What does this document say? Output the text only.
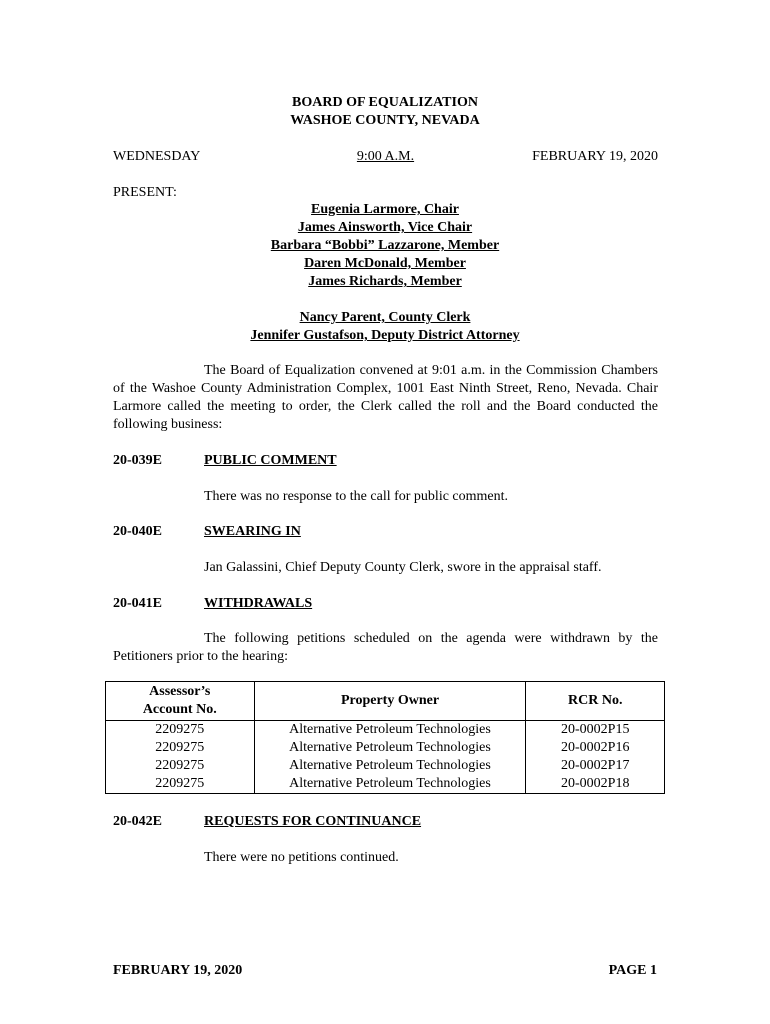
BOARD OF EQUALIZATION
WASHOE COUNTY, NEVADA
WEDNESDAY	9:00 A.M.	FEBRUARY 19, 2020
PRESENT:
Eugenia Larmore, Chair
James Ainsworth, Vice Chair
Barbara “Bobbi” Lazzarone, Member
Daren McDonald, Member
James Richards, Member
Nancy Parent, County Clerk
Jennifer Gustafson, Deputy District Attorney
The Board of Equalization convened at 9:01 a.m. in the Commission Chambers of the Washoe County Administration Complex, 1001 East Ninth Street, Reno, Nevada. Chair Larmore called the meeting to order, the Clerk called the roll and the Board conducted the following business:
20-039E	PUBLIC COMMENT
There was no response to the call for public comment.
20-040E	SWEARING IN
Jan Galassini, Chief Deputy County Clerk, swore in the appraisal staff.
20-041E	WITHDRAWALS
The following petitions scheduled on the agenda were withdrawn by the Petitioners prior to the hearing:
Assessor’s
Account No.	Property Owner	RCR No.
2209275	Alternative Petroleum Technologies	20-0002P15
2209275	Alternative Petroleum Technologies	20-0002P16
2209275	Alternative Petroleum Technologies	20-0002P17
2209275	Alternative Petroleum Technologies	20-0002P18
20-042E	REQUESTS FOR CONTINUANCE
There were no petitions continued.
FEBRUARY 19, 2020	PAGE 1
